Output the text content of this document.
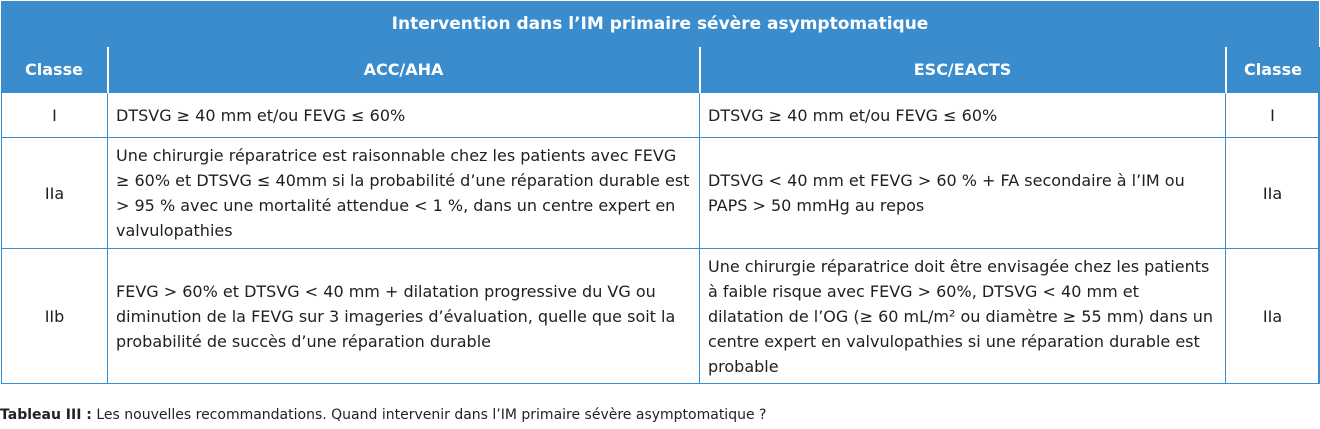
Intervention dans l’IM primaire sévère asymptomatique
Classe	ACC/AHA	ESC/EACTS	Classe
I	DTSVG ≥ 40 mm et/ou FEVG ≤ 60%	DTSVG ≥ 40 mm et/ou FEVG ≤ 60%	I
IIa	Une chirurgie réparatrice est raisonnable chez les patients avec FEVG ≥ 60% et DTSVG ≤ 40mm si la probabilité d’une réparation durable est > 95 % avec une mortalité attendue < 1 %, dans un centre expert en valvulopathies	DTSVG < 40 mm et FEVG > 60 % + FA secondaire à l’IM ou PAPS > 50 mmHg au repos	IIa
IIb	FEVG > 60% et DTSVG < 40 mm + dilatation progressive du VG ou diminution de la FEVG sur 3 imageries d’évaluation, quelle que soit la probabilité de succès d’une réparation durable	Une chirurgie réparatrice doit être envisagée chez les patients à faible risque avec FEVG > 60%, DTSVG < 40 mm et dilatation de l’OG (≥ 60 mL/m² ou diamètre ≥ 55 mm) dans un centre expert en valvulopathies si une réparation durable est probable	IIa
Tableau III : Les nouvelles recommandations. Quand intervenir dans l’IM primaire sévère asymptomatique ?
